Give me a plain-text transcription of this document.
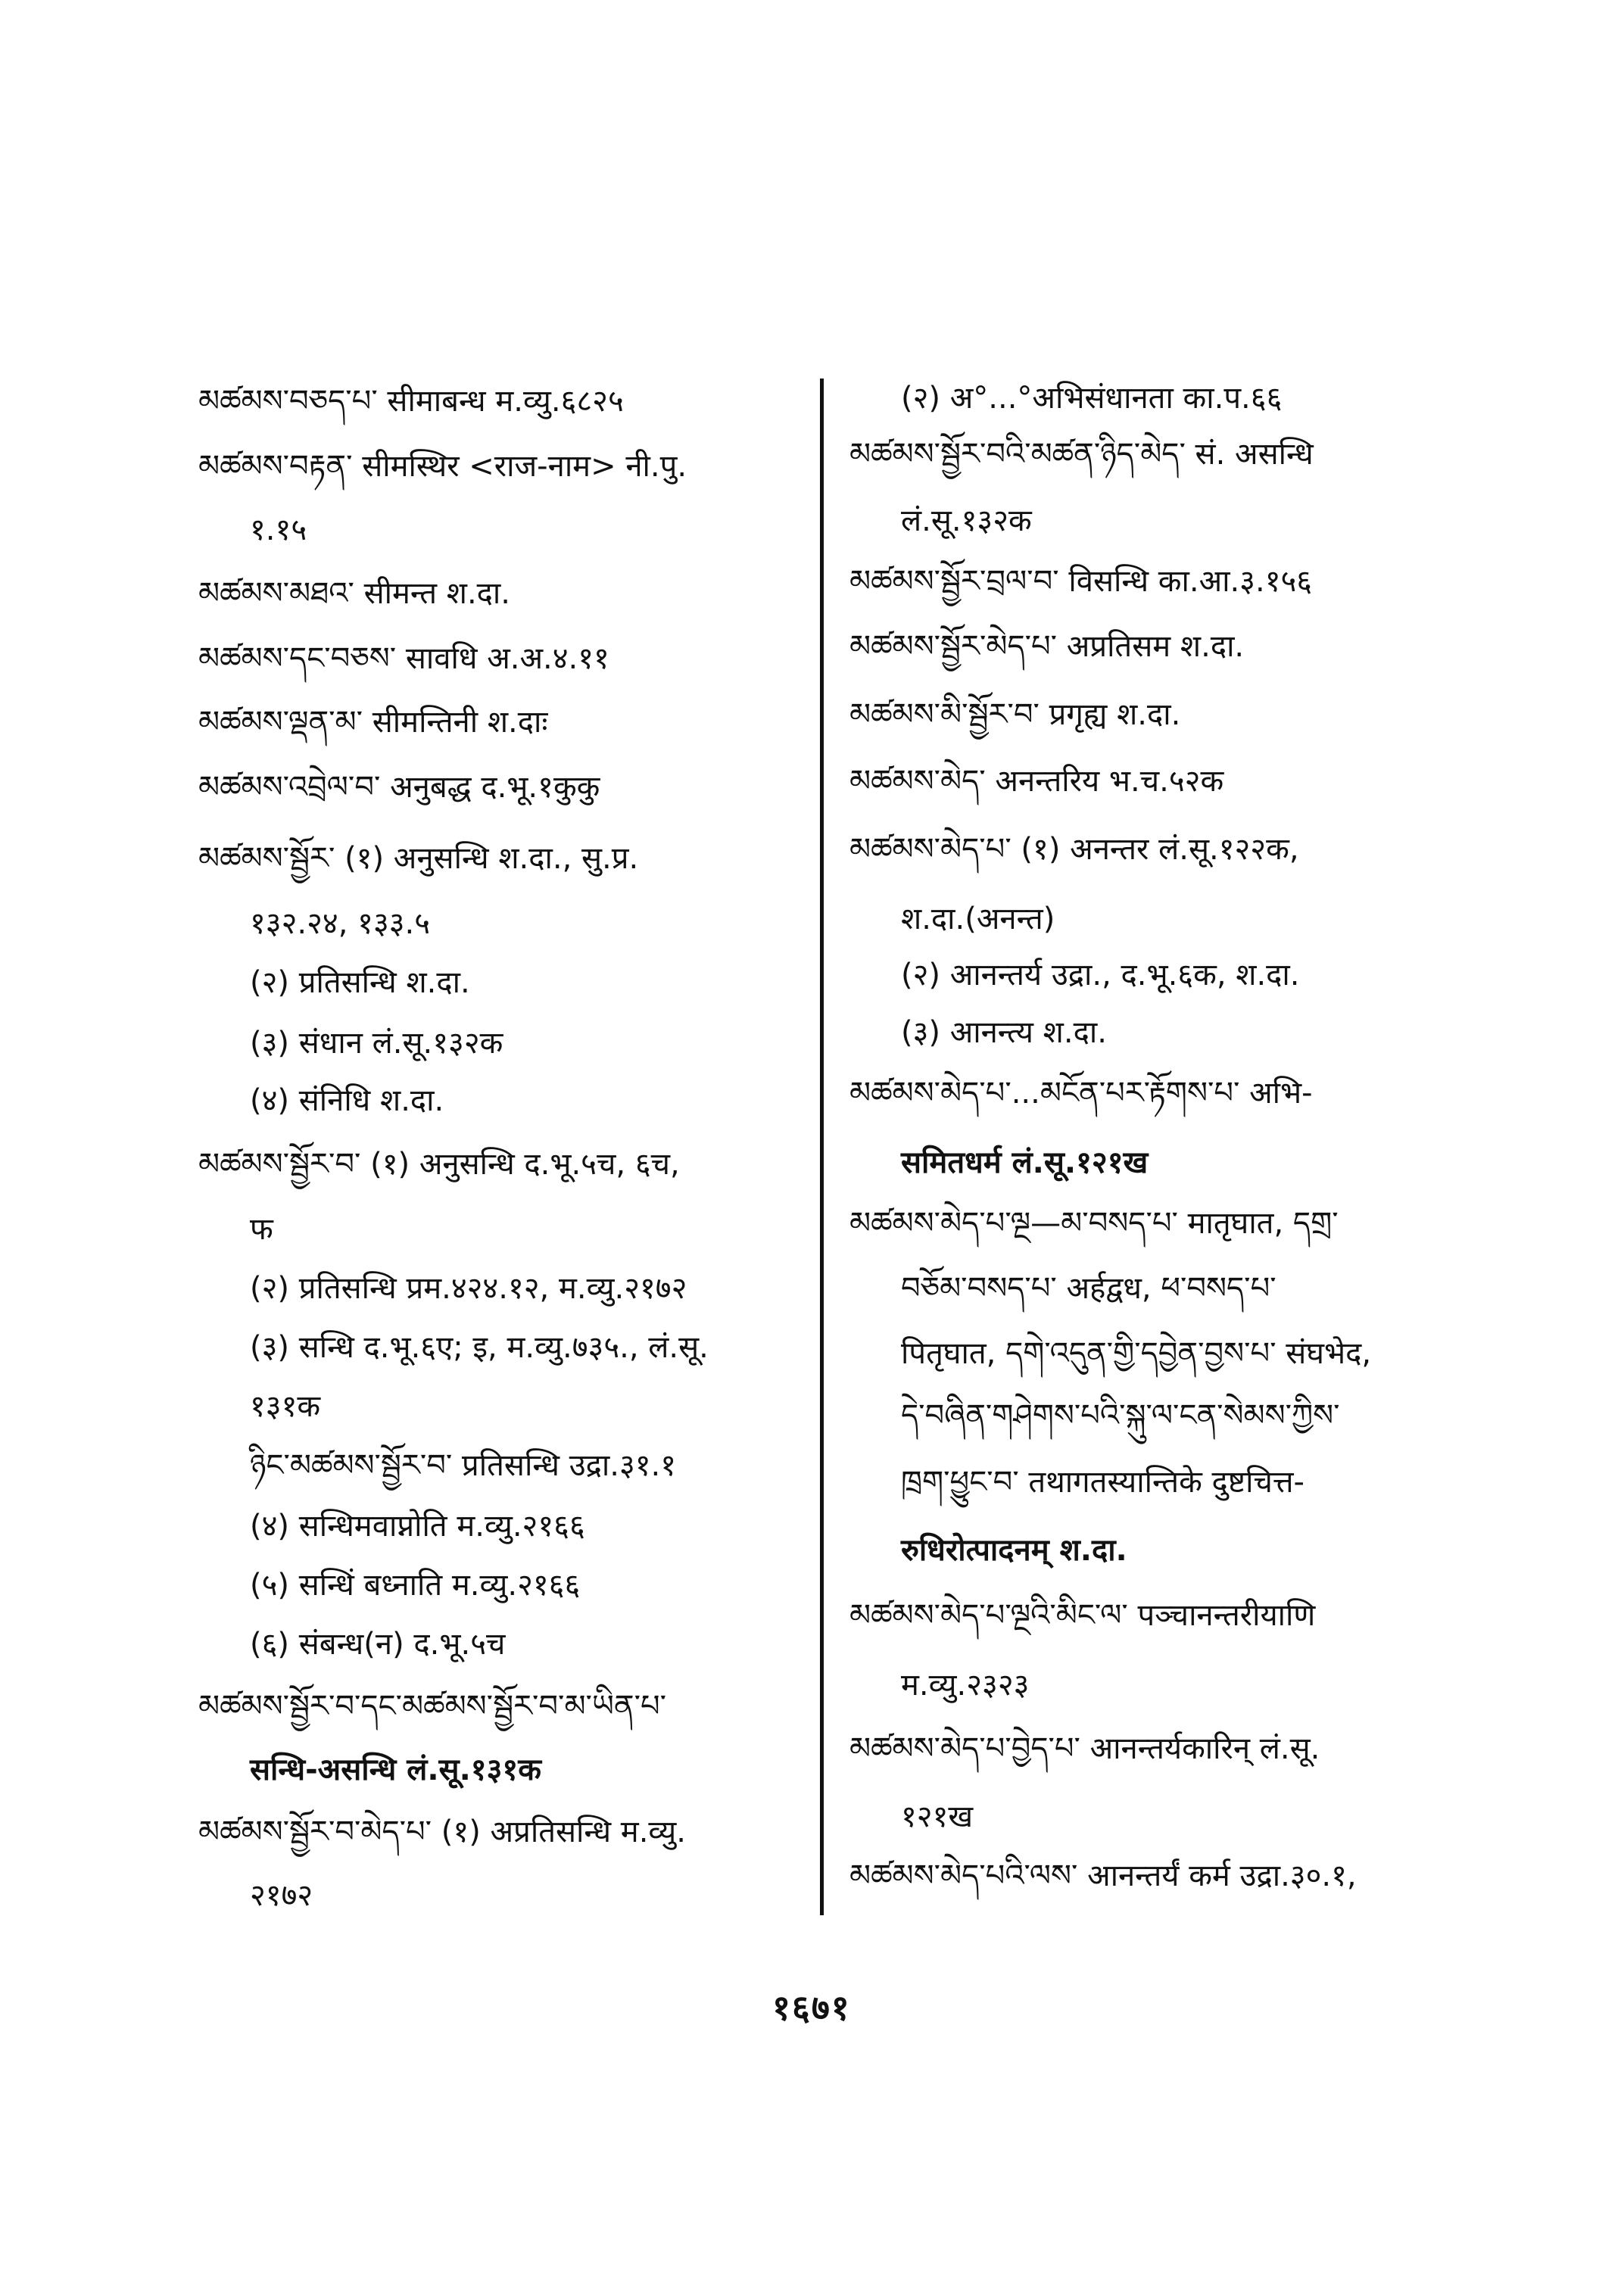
མཚམས་བཅད་པ་ सीमाबन्ध म.व्यु.६८२५
མཚམས་བརྟན་ सीमस्थिर <राज-नाम> नी.पु.
१.१५
མཚམས་མཐའ་ सीमन्त श.दा.
མཚམས་དང་བཅས་ सावधि अ.अ.४.११
མཚམས་ལྡན་མ་ सीमन्तिनी श.दाः
མཚམས་འབྲེལ་བ་ अनुबद्ध द.भू.१कुकु
མཚམས་སྦྱོར་ (१) अनुसन्धि श.दा., सु.प्र.
१३२.२४, १३३.५
(२) प्रतिसन्धि श.दा.
(३) संधान लं.सू.१३२क
(४) संनिधि श.दा.
མཚམས་སྦྱོར་བ་ (१) अनुसन्धि द.भू.५च, ६च,
फ
(२) प्रतिसन्धि प्रम.४२४.१२, म.व्यु.२१७२
(३) सन्धि द.भू.६ए; इ, म.व्यु.७३५., लं.सू.
१३१क
ཉིང་མཚམས་སྦྱོར་བ་ प्रतिसन्धि उद्रा.३१.१
(४) सन्धिमवाप्नोति म.व्यु.२१६६
(५) सन्धिं बध्नाति म.व्यु.२१६६
(६) संबन्ध(न) द.भू.५च
མཚམས་སྦྱོར་བ་དང་མཚམས་སྦྱོར་བ་མ་ཡིན་པ་
सन्धि-असन्धि लं.सू.१३१क
མཚམས་སྦྱོར་བ་མེད་པ་ (१) अप्रतिसन्धि म.व्यु.
२१७२
(२) अ°...°अभिसंधानता का.प.६६
མཚམས་སྦྱོར་བའི་མཚན་ཉིད་མེད་ सं. असन्धि
लं.सू.१३२क
མཚམས་སྦྱོར་བྲལ་བ་ विसन्धि का.आ.३.१५६
མཚམས་སྦྱོར་མེད་པ་ अप्रतिसम श.दा.
མཚམས་མི་སྦྱོར་བ་ प्रगृह्य श.दा.
མཚམས་མེད་ अनन्तरिय भ.च.५२क
མཚམས་མེད་པ་ (१) अनन्तर लं.सू.१२२क,
श.दा.(अनन्त)
(२) आनन्तर्य उद्रा., द.भू.६क, श.दा.
(३) आनन्त्य श.दा.
མཚམས་མེད་པ་...མངོན་པར་རྟོགས་པ་ अभि-
समितधर्म लं.सू.१२१ख
མཚམས་མེད་པ་ལྔ—མ་བསད་པ་ मातृघात, དགྲ་
བཅོམ་བསད་པ་ अर्हद्वध, ཕ་བསད་པ་
पितृघात, དགེ་འདུན་གྱི་དབྱེན་བྱས་པ་ संघभेद,
དེ་བཞིན་གཤེགས་པའི་སྐུ་ལ་ངན་སེམས་ཀྱིས་
ཁྲག་ཕྱུང་བ་ तथागतस्यान्तिके दुष्टचित्त-
रुधिरोत्पादनम् श.दा.
མཚམས་མེད་པ་ལྔའི་མིང་ལ་ पञ्चानन्तरीयाणि
म.व्यु.२३२३
མཚམས་མེད་པ་བྱེད་པ་ आनन्तर्यकारिन् लं.सू.
१२१ख
མཚམས་མེད་པའི་ལས་ आनन्तर्यं कर्म उद्रा.३०.१,
१६७१
